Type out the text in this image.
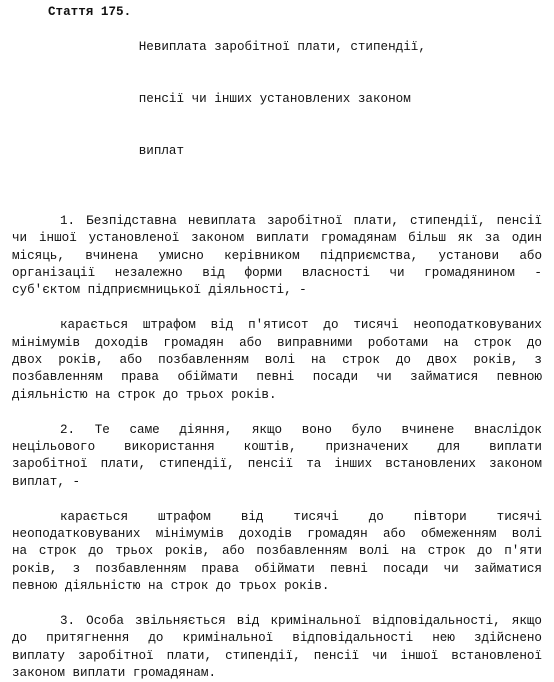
Стаття 175.

Невиплата заробітної плати, стипендії,

пенсії чи інших установлених законом

виплат

1. Безпідставна невиплата заробітної плати, стипендії, пенсії
чи іншої установленої законом виплати громадянам більш як за один
місяць, вчинена умисно керівником підприємства, установи або
організації незалежно від форми власності чи громадянином -
суб'єктом підприємницької діяльності, -
карається штрафом від п'ятисот до тисячі неоподатковуваних
мінімумів доходів громадян або виправними роботами на строк до
двох років, або позбавленням волі на строк до двох років, з
позбавленням права обіймати певні посади чи займатися певною
діяльністю на строк до трьох років.
2. Те саме діяння, якщо воно було вчинене внаслідок
нецільового використання коштів, призначених для виплати
заробітної плати, стипендії, пенсії та інших встановлених законом
виплат, -
карається штрафом від тисячі до півтори тисячі
неоподатковуваних мінімумів доходів громадян або обмеженням волі
на строк до трьох років, або позбавленням волі на строк до п'яти
років, з позбавленням права обіймати певні посади чи займатися
певною діяльністю на строк до трьох років.
3. Особа звільняється від кримінальної відповідальності, якщо
до притягнення до кримінальної відповідальності нею здійснено
виплату заробітної плати, стипендії, пенсії чи іншої встановленої
законом виплати громадянам.
